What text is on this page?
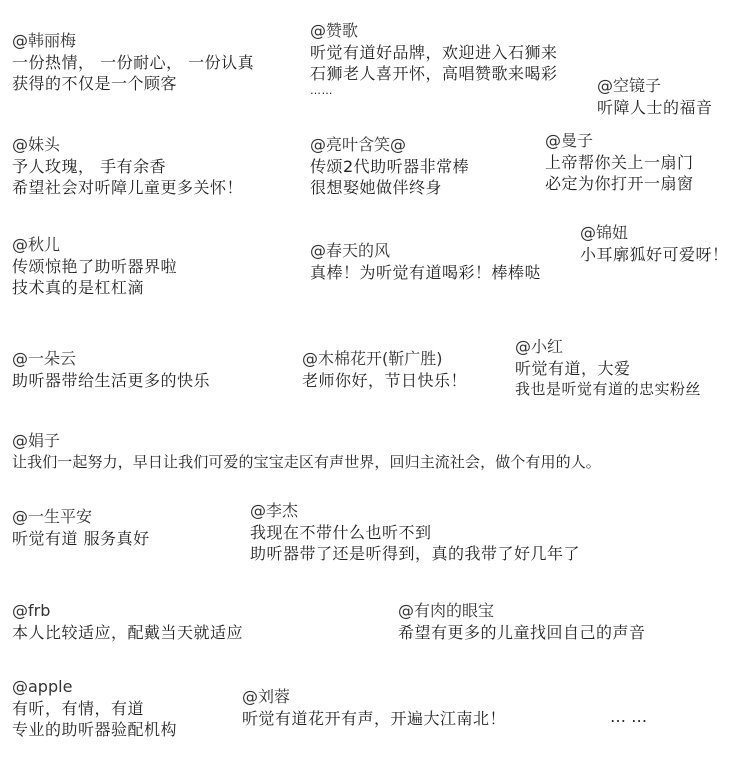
@韩丽梅
一份热情， 一份耐心， 一份认真
获得的不仅是一个顾客
@赞歌
听觉有道好品牌，欢迎进入石狮来
石狮老人喜开怀，高唱赞歌来喝彩
……	@空镜子
听障人士的福音
@妹头
予人玫瑰， 手有余香
希望社会对听障儿童更多关怀！
@亮叶含笑@
传颂2代助听器非常棒
很想娶她做伴终身
@曼子
上帝帮你关上一扇门
必定为你打开一扇窗
@锦妞
小耳廓狐好可爱呀！
@秋儿
传颂惊艳了助听器界啦
技术真的是杠杠滴
@春天的风
真棒！为听觉有道喝彩！棒棒哒
@一朵云
助听器带给生活更多的快乐
@木棉花开(靳广胜)
老师你好，节日快乐！
@小红
听觉有道，大爱
我也是听觉有道的忠实粉丝
@娟子
让我们一起努力，早日让我们可爱的宝宝走区有声世界，回归主流社会，做个有用的人。
@一生平安
听觉有道 服务真好
@李杰
我现在不带什么也听不到
助听器带了还是听得到，真的我带了好几年了
@frb
本人比较适应，配戴当天就适应
@有肉的眼宝
希望有更多的儿童找回自己的声音
@apple
有听，有情，有道
专业的助听器验配机构
@刘蓉
听觉有道花开有声，开遍大江南北！	… …
